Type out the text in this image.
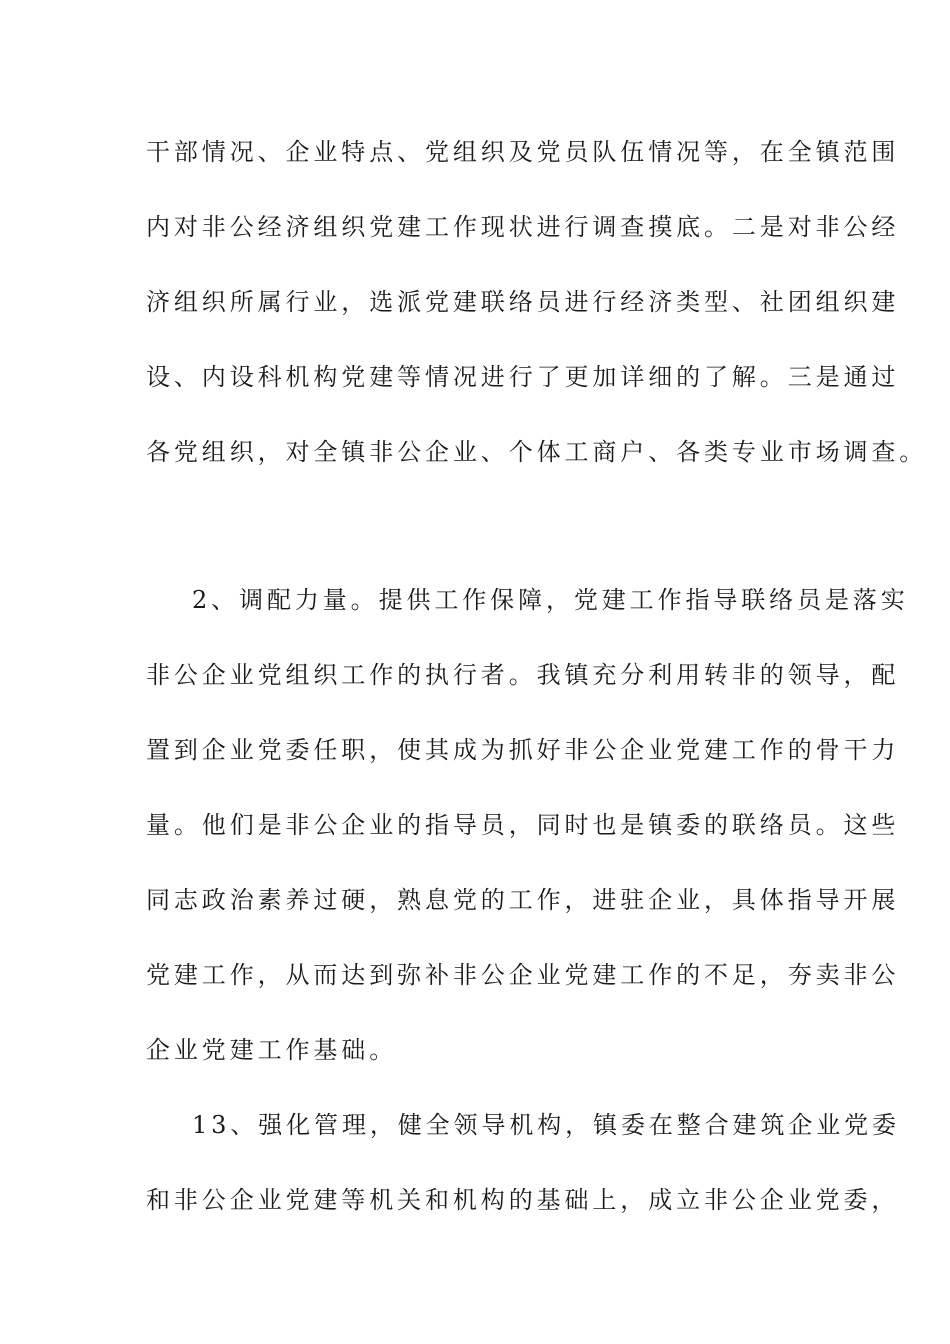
干部情况、企业特点、党组织及党员队伍情况等，在全镇范围
内对非公经济组织党建工作现状进行调查摸底。二是对非公经
济组织所属行业，选派党建联络员进行经济类型、社团组织建
设、内设科机构党建等情况进行了更加详细的了解。三是通过
各党组织，对全镇非公企业、个体工商户、各类专业市场调查。
2、调配力量。提供工作保障，党建工作指导联络员是落实
非公企业党组织工作的执行者。我镇充分利用转非的领导，配
置到企业党委任职，使其成为抓好非公企业党建工作的骨干力
量。他们是非公企业的指导员，同时也是镇委的联络员。这些
同志政治素养过硬，熟息党的工作，进驻企业，具体指导开展
党建工作，从而达到弥补非公企业党建工作的不足，夯卖非公
企业党建工作基础。
13、强化管理，健全领导机构，镇委在整合建筑企业党委
和非公企业党建等机关和机构的基础上，成立非公企业党委，
